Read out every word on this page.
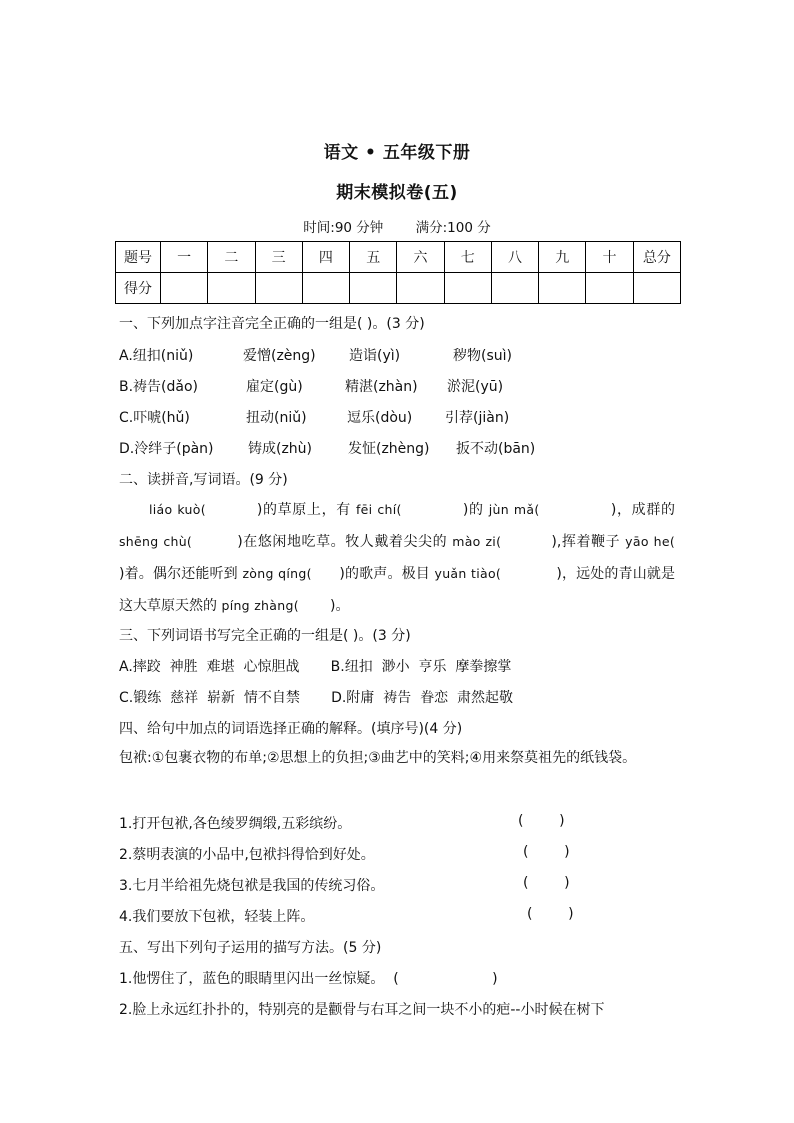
语文 • 五年级下册
期末模拟卷(五)
时间:90 分钟 满分:100 分
题号	一	二	三	四	五	六	七	八	九	十	总分
得分											
一、下列加点字注音完全正确的一组是( )。(3 分)
A.纽扣(niǔ)	爱憎(zèng) 造诣(yì)	秽物(suì)
B.祷告(dǎo)	雇定(gù)	精湛(zhàn) 淤泥(yū)
C.吓唬(hǔ)	扭动(niǔ)	逗乐(dòu) 引荐(jiàn)
D.泠绊子(pàn) 铸成(zhù)	发怔(zhèng) 扳不动(bān)
二、读拼音,写词语。(9 分)
liáo kuò(          )的草原上，有 fēi chí(            )的 jùn mǎ(              )，成群的 shēng chù(         )在悠闲地吃草。牧人戴着尖尖的 mào zi(          ),挥着鞭子 yāo he(      )着。偶尔还能听到 zòng qíng(      )的歌声。极目 yuǎn tiào(            )，远处的青山就是这大草原天然的 píng zhàng(       )。
三、下列词语书写完全正确的一组是( )。(3 分)
A.摔跤  神胜  难堪  心惊胆战       B.纽扣  渺小  亨乐  摩拳擦掌
C.锻练  慈祥  崭新  情不自禁       D.附庸  祷告  眷恋  肃然起敬
四、给句中加点的词语选择正确的解释。(填序号)(4 分)
包袱:①包裹衣物的布单;②思想上的负担;③曲艺中的笑料;④用来祭莫祖先的纸钱袋。
1.打开包袱,各色绫罗绸缎,五彩缤纷。	(        )
2.蔡明表演的小品中,包袱抖得恰到好处。	(        )
3.七月半给祖先烧包袱是我国的传统习俗。	(        )
4.我们要放下包袱，轻装上阵。	(        )
五、写出下列句子运用的描写方法。(5 分)
1.他愣住了，蓝色的眼睛里闪出一丝惊疑。  (                     )
2.脸上永远红扑扑的，特别亮的是颧骨与右耳之间一块不小的疤--小时候在树下
